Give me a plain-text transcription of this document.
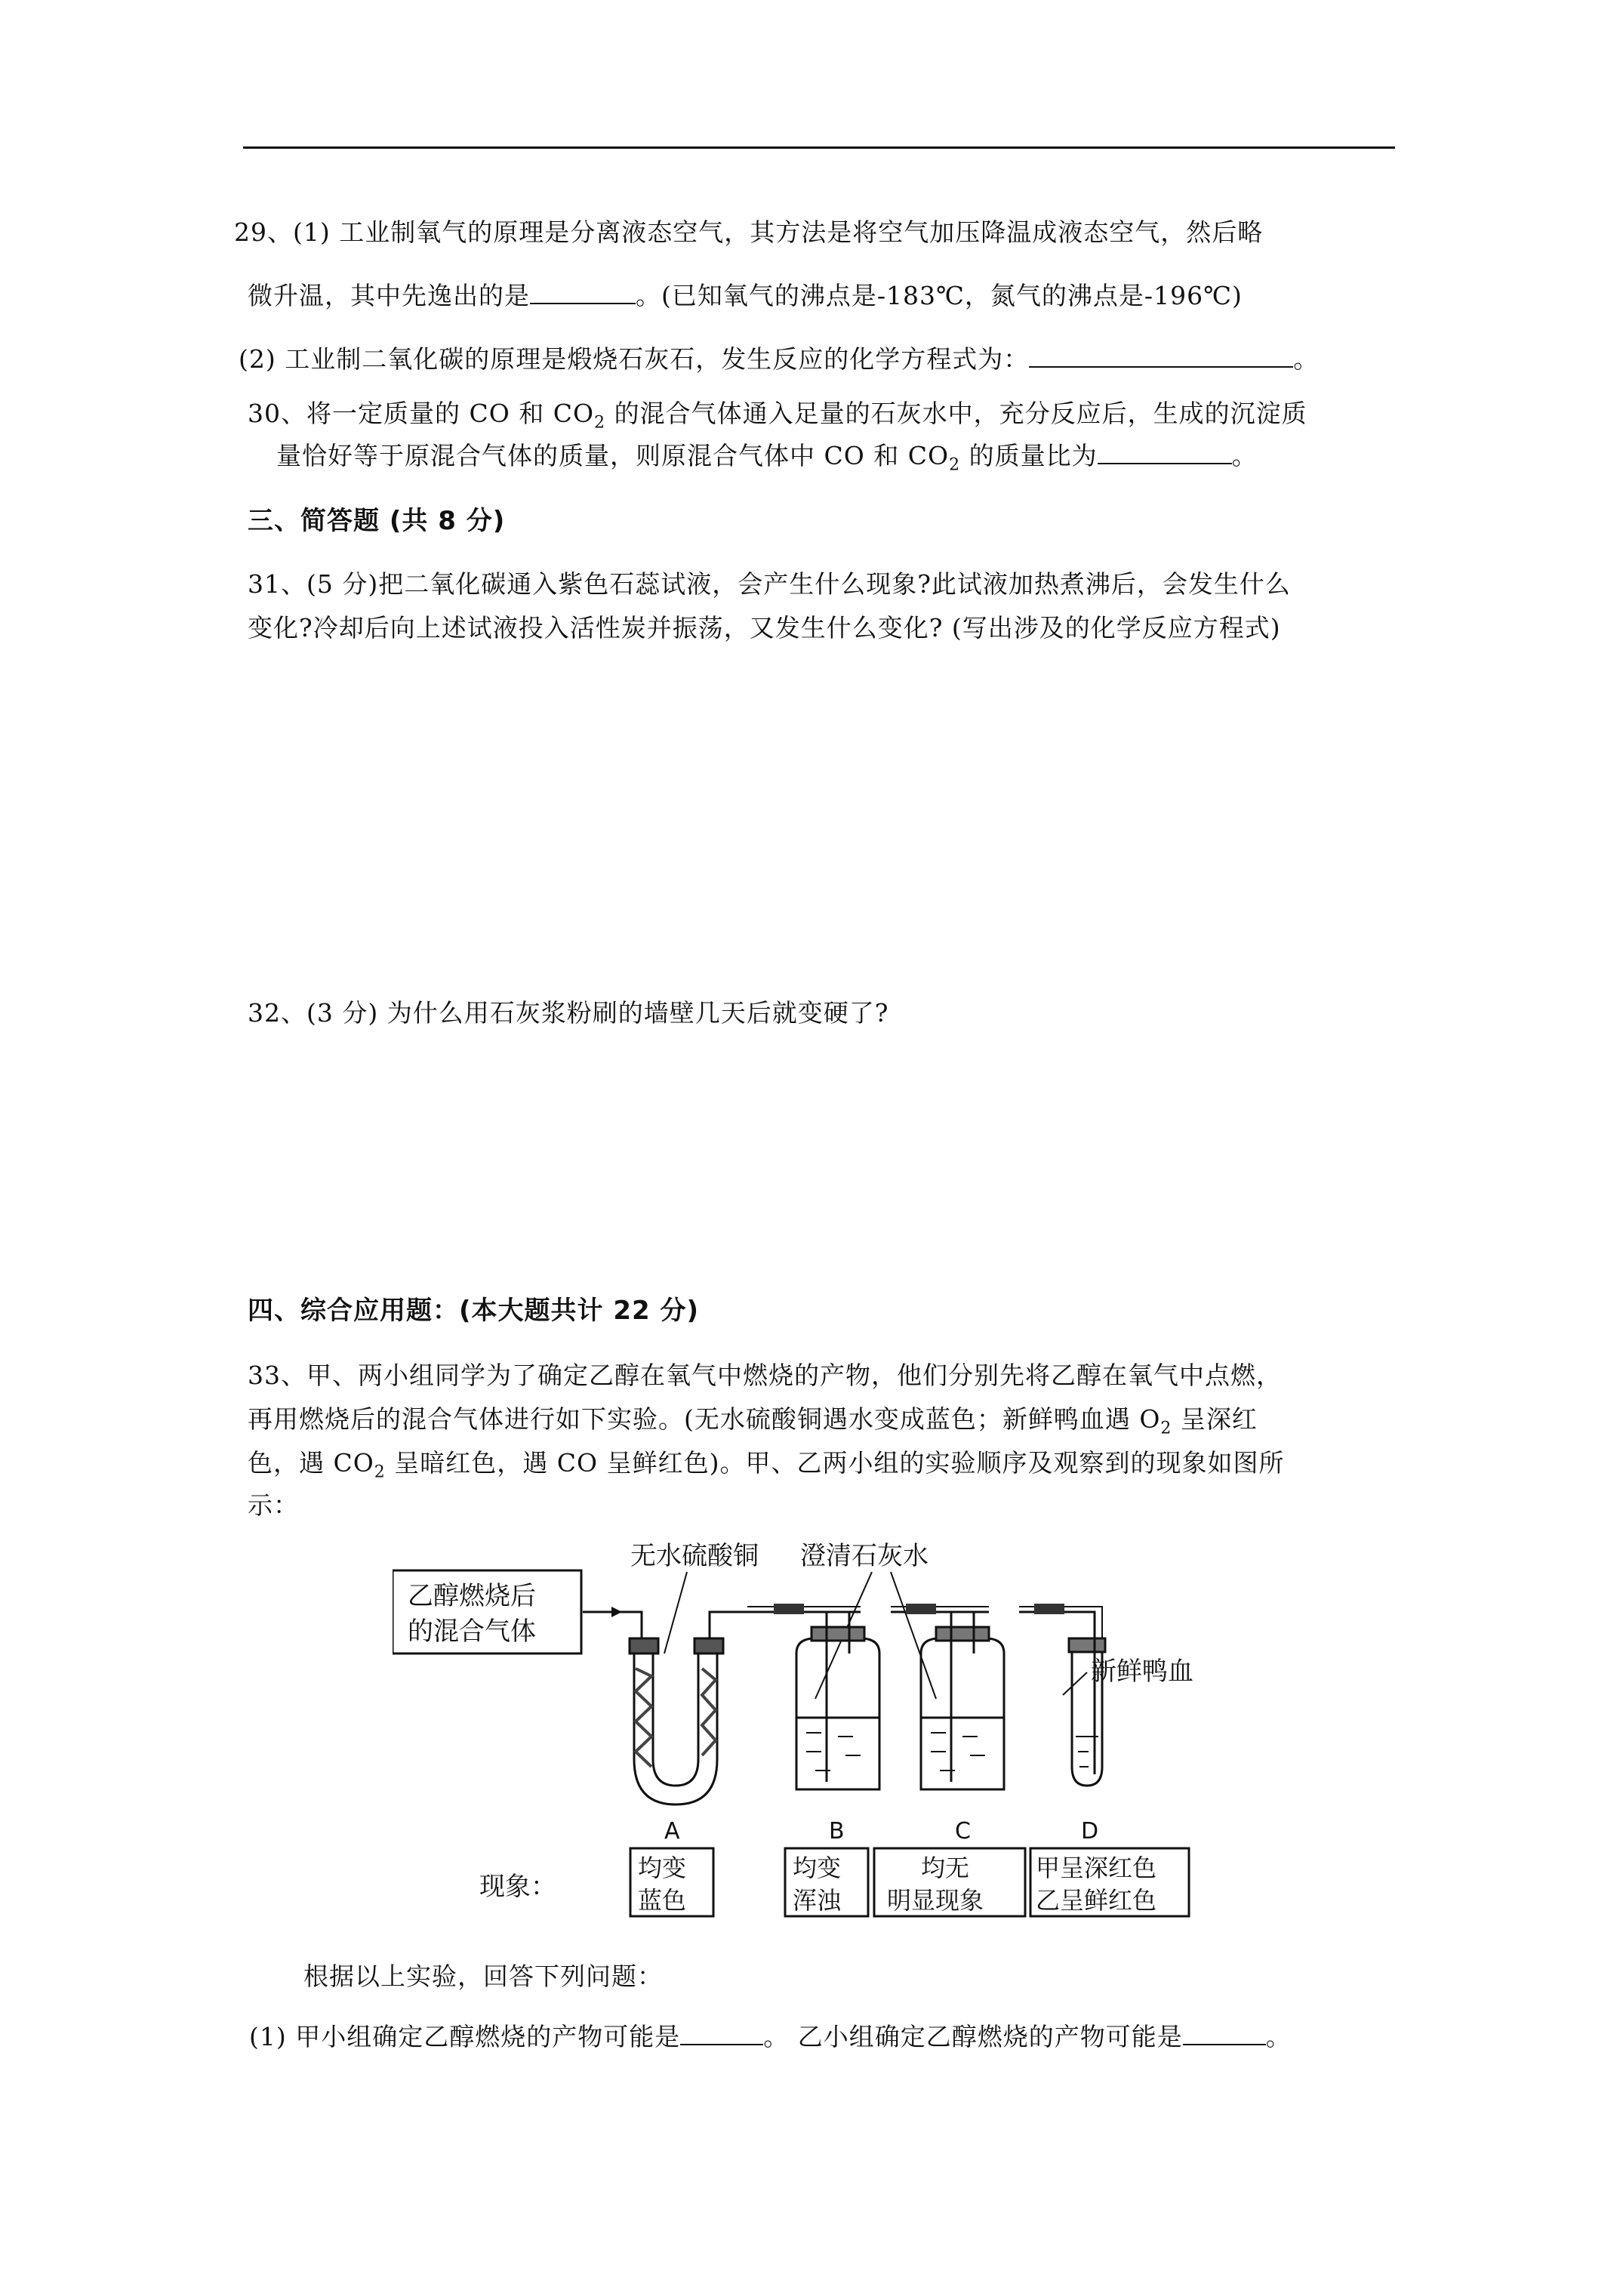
29、(1) 工业制氧气的原理是分离液态空气，其方法是将空气加压降温成液态空气，然后略
微升温，其中先逸出的是	。(已知氧气的沸点是-183℃，氮气的沸点是-196℃)
(2) 工业制二氧化碳的原理是煅烧石灰石，发生反应的化学方程式为：	。
30、将一定质量的 CO 和 $CO_2$ 的混合气体通入足量的石灰水中，充分反应后，生成的沉淀质
量恰好等于原混合气体的质量，则原混合气体中 CO 和 $CO_2$ 的质量比为	。
三、简答题 (共 8 分)
31、(5 分)把二氧化碳通入紫色石蕊试液，会产生什么现象?此试液加热煮沸后，会发生什么
变化?冷却后向上述试液投入活性炭并振荡，又发生什么变化? (写出涉及的化学反应方程式)
32、(3 分) 为什么用石灰浆粉刷的墙壁几天后就变硬了?
四、综合应用题：(本大题共计 22 分)
33、甲、两小组同学为了确定乙醇在氧气中燃烧的产物，他们分别先将乙醇在氧气中点燃，
再用燃烧后的混合气体进行如下实验。(无水硫酸铜遇水变成蓝色；新鲜鸭血遇 $O_2$ 呈深红
色，遇 $CO_2$ 呈暗红色，遇 CO 呈鲜红色)。甲、乙两小组的实验顺序及观察到的现象如图所
示：
乙醇燃烧后
的混合气体
无水硫酸铜 澄清石灰水
新鲜鸭血
A	B	C	D
现象：
均变
蓝色
均变
浑浊
均无
明显现象
甲呈深红色
乙呈鲜红色
根据以上实验，回答下列问题：
(1) 甲小组确定乙醇燃烧的产物可能是	。 乙小组确定乙醇燃烧的产物可能是	。
